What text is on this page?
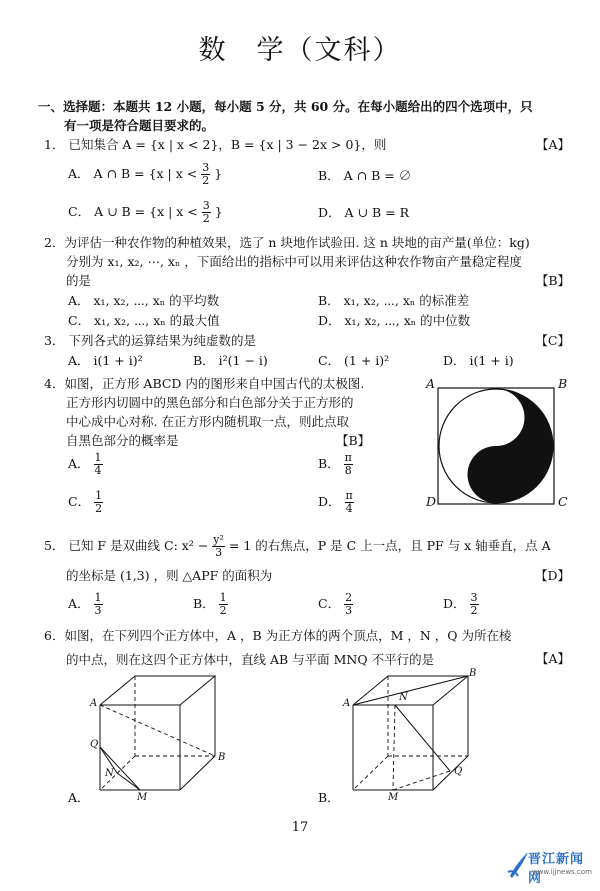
数　学（文科）
一、选择题：本题共 12 小题，每小题 5 分，共 60 分。在每小题给出的四个选项中，只
有一项是符合题目要求的。
1． 已知集合 A = {x | x < 2}，B = {x | 3 − 2x > 0}，则	【A】
A． A ∩ B = {x | $x < \frac{3}{2}$ }	B． A ∩ B = ∅
C． A ∪ B = {x | $x < \frac{3}{2}$ }	D． A ∪ B = R
2．为评估一种农作物的种植效果，选了 n 块地作试验田. 这 n 块地的亩产量(单位：kg)
分别为 x₁, x₂, ⋯, xₙ ，下面给出的指标中可以用来评估这种农作物亩产量稳定程度
的是	【B】
A． x₁, x₂, ⋯, xₙ 的平均数	B． x₁, x₂, ⋯, xₙ 的标准差
C． x₁, x₂, ⋯, xₙ 的最大值	D． x₁, x₂, ⋯, xₙ 的中位数
3． 下列各式的运算结果为纯虚数的是	【C】
A． i(1 + i)²	B． i²(1 − i)	C． (1 + i)²	D． i(1 + i)
4．如图，正方形 ABCD 内的图形来自中国古代的太极图.
正方形内切圆中的黑色部分和白色部分关于正方形的
中心成中心对称. 在正方形内随机取一点，则此点取
自黑色部分的概率是	【B】
A． $\frac{1}{4}$	B． $\frac{\pi}{8}$
C． $\frac{1}{2}$	D． $\frac{\pi}{4}$
A	B
D	C
5． 已知 F 是双曲线 C: $x^2 - \frac{\text{y²}}{3} = 1$ 的右焦点，P 是 C 上一点，且 PF 与 x 轴垂直，点 A
的坐标是 (1,3) ，则 △APF 的面积为	【D】
A． $\frac{1}{3}$	B． $\frac{1}{2}$	C． $\frac{2}{3}$	D． $\frac{3}{2}$
6．如图，在下列四个正方体中，A ，B 为正方体的两个顶点，M ，N ，Q 为所在棱
的中点，则在这四个正方体中，直线 AB 与平面 MNQ 不平行的是	【A】
A
B
Q
N
M
A．
A
B
N
Q
M
B．
17
晋江新闻网
www.ijjnews.com
